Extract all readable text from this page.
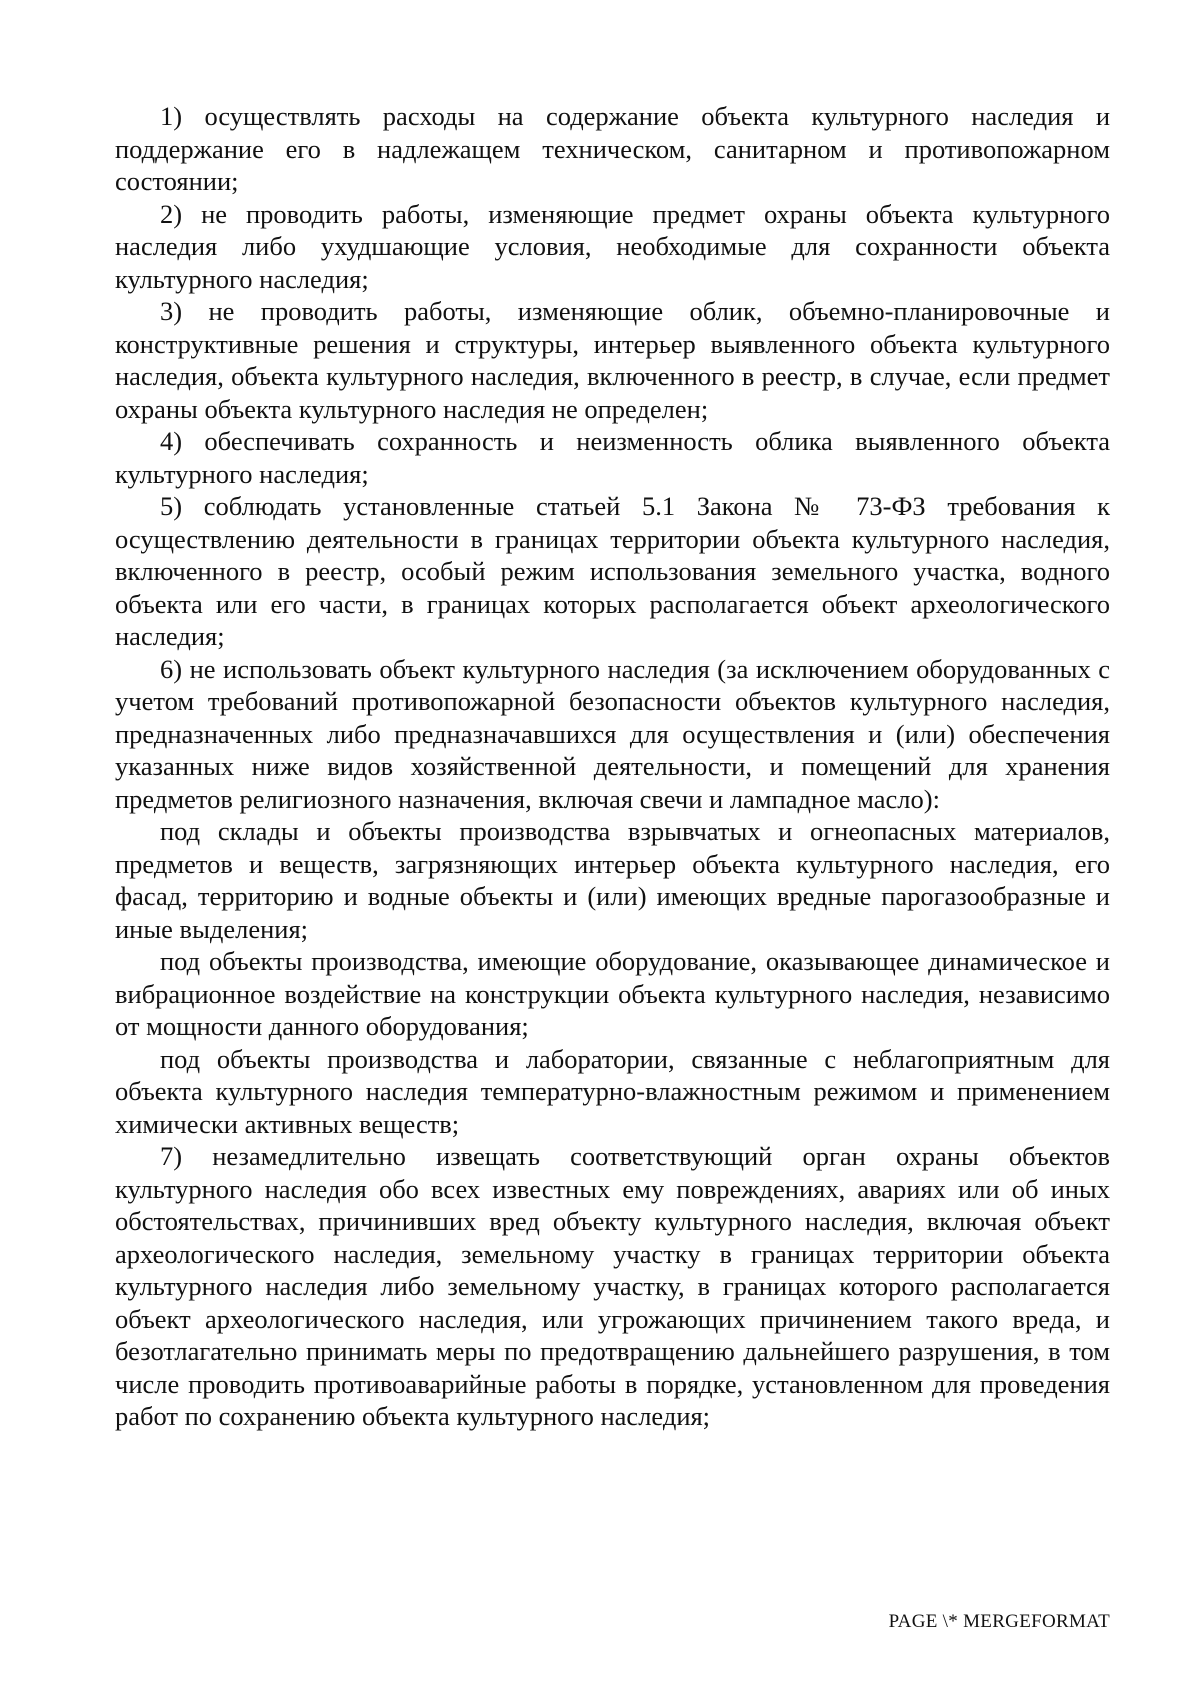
1) осуществлять расходы на содержание объекта культурного наследия и поддержание его в надлежащем техническом, санитарном и противопожарном состоянии;

2) не проводить работы, изменяющие предмет охраны объекта культурного наследия либо ухудшающие условия, необходимые для сохранности объекта культурного наследия;

3) не проводить работы, изменяющие облик, объемно-планировочные и конструктивные решения и структуры, интерьер выявленного объекта культурного наследия, объекта культурного наследия, включенного в реестр, в случае, если предмет охраны объекта культурного наследия не определен;

4) обеспечивать сохранность и неизменность облика выявленного объекта культурного наследия;

5) соблюдать установленные статьей 5.1 Закона № 73-ФЗ требования к осуществлению деятельности в границах территории объекта культурного наследия, включенного в реестр, особый режим использования земельного участка, водного объекта или его части, в границах которых располагается объект археологического наследия;

6) не использовать объект культурного наследия (за исключением оборудованных с учетом требований противопожарной безопасности объектов культурного наследия, предназначенных либо предназначавшихся для осуществления и (или) обеспечения указанных ниже видов хозяйственной деятельности, и помещений для хранения предметов религиозного назначения, включая свечи и лампадное масло):

под склады и объекты производства взрывчатых и огнеопасных материалов, предметов и веществ, загрязняющих интерьер объекта культурного наследия, его фасад, территорию и водные объекты и (или) имеющих вредные парогазообразные и иные выделения;

под объекты производства, имеющие оборудование, оказывающее динамическое и вибрационное воздействие на конструкции объекта культурного наследия, независимо от мощности данного оборудования;

под объекты производства и лаборатории, связанные с неблагоприятным для объекта культурного наследия температурно-влажностным режимом и применением химически активных веществ;

7) незамедлительно извещать соответствующий орган охраны объектов культурного наследия обо всех известных ему повреждениях, авариях или об иных обстоятельствах, причинивших вред объекту культурного наследия, включая объект археологического наследия, земельному участку в границах территории объекта культурного наследия либо земельному участку, в границах которого располагается объект археологического наследия, или угрожающих причинением такого вреда, и безотлагательно принимать меры по предотвращению дальнейшего разрушения, в том числе проводить противоаварийные работы в порядке, установленном для проведения работ по сохранению объекта культурного наследия;

PAGE \* MERGEFORMAT
